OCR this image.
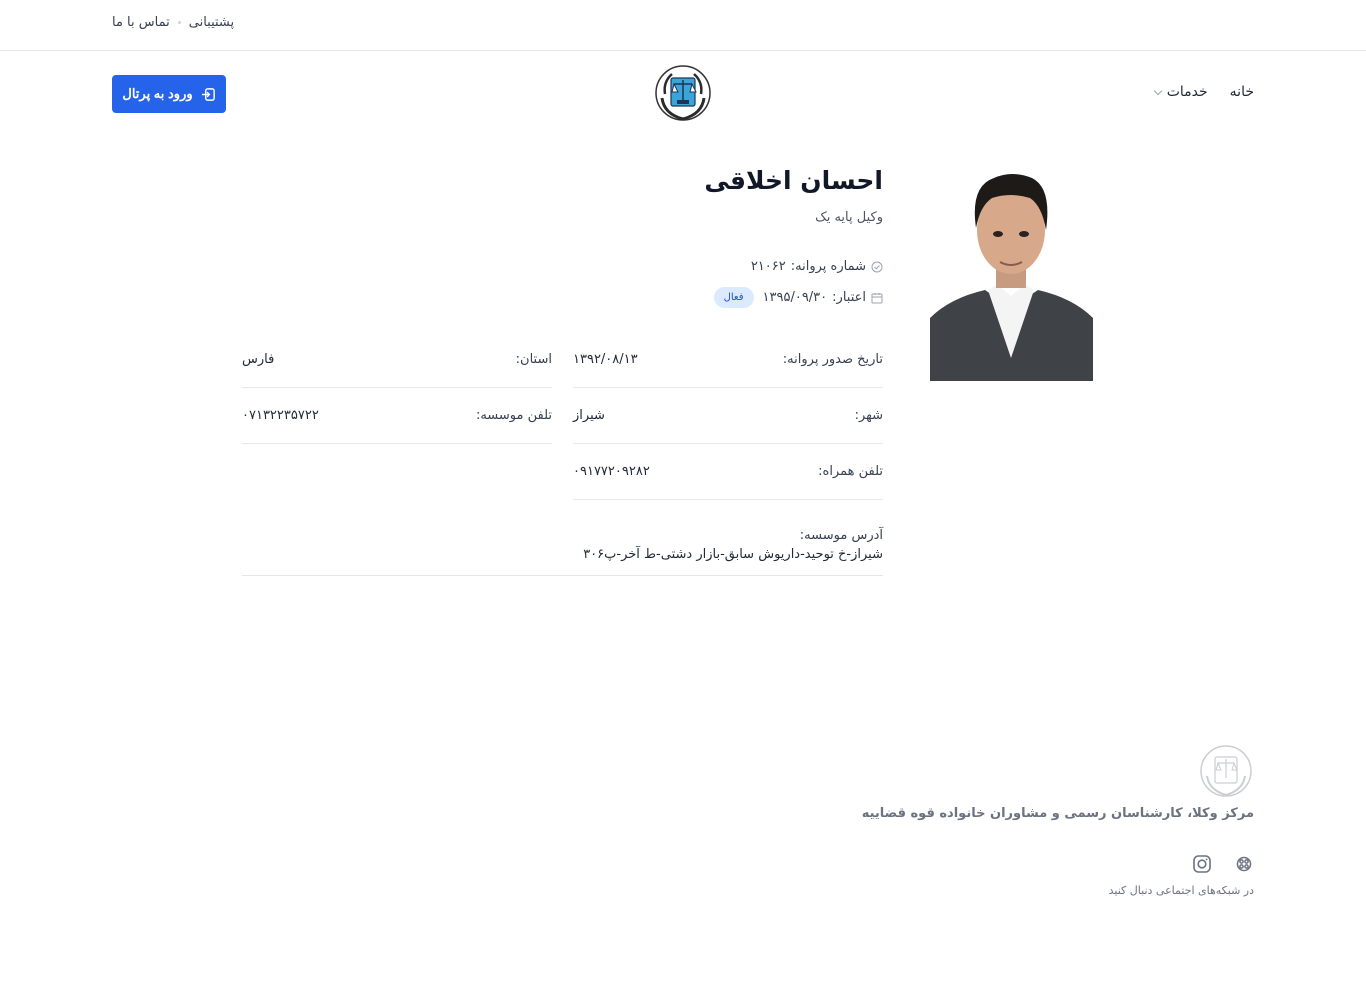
پشتیبانی
تماس با ما
خانه
خدمات
ورود به پرتال
احسان اخلاقی
وکیل پایه یک
شماره پروانه:
۲۱۰۶۲
اعتبار:
۱۳۹۵/۰۹/۳۰
فعال
تاریخ صدور پروانه:
۱۳۹۲/۰۸/۱۳
شهر:
شیراز
تلفن همراه:
۰۹۱۷۷۲۰۹۲۸۲
استان:
فارس
تلفن موسسه:
۰۷۱۳۲۲۳۵۷۲۲
آدرس موسسه:
شیراز-خ توحید-داریوش سابق-بازار دشتی-ط آخر-پ۳۰۶
مرکز وکلا، کارشناسان رسمی و مشاوران خانواده قوه قضاییه
در شبکه‌های اجتماعی دنبال کنید
